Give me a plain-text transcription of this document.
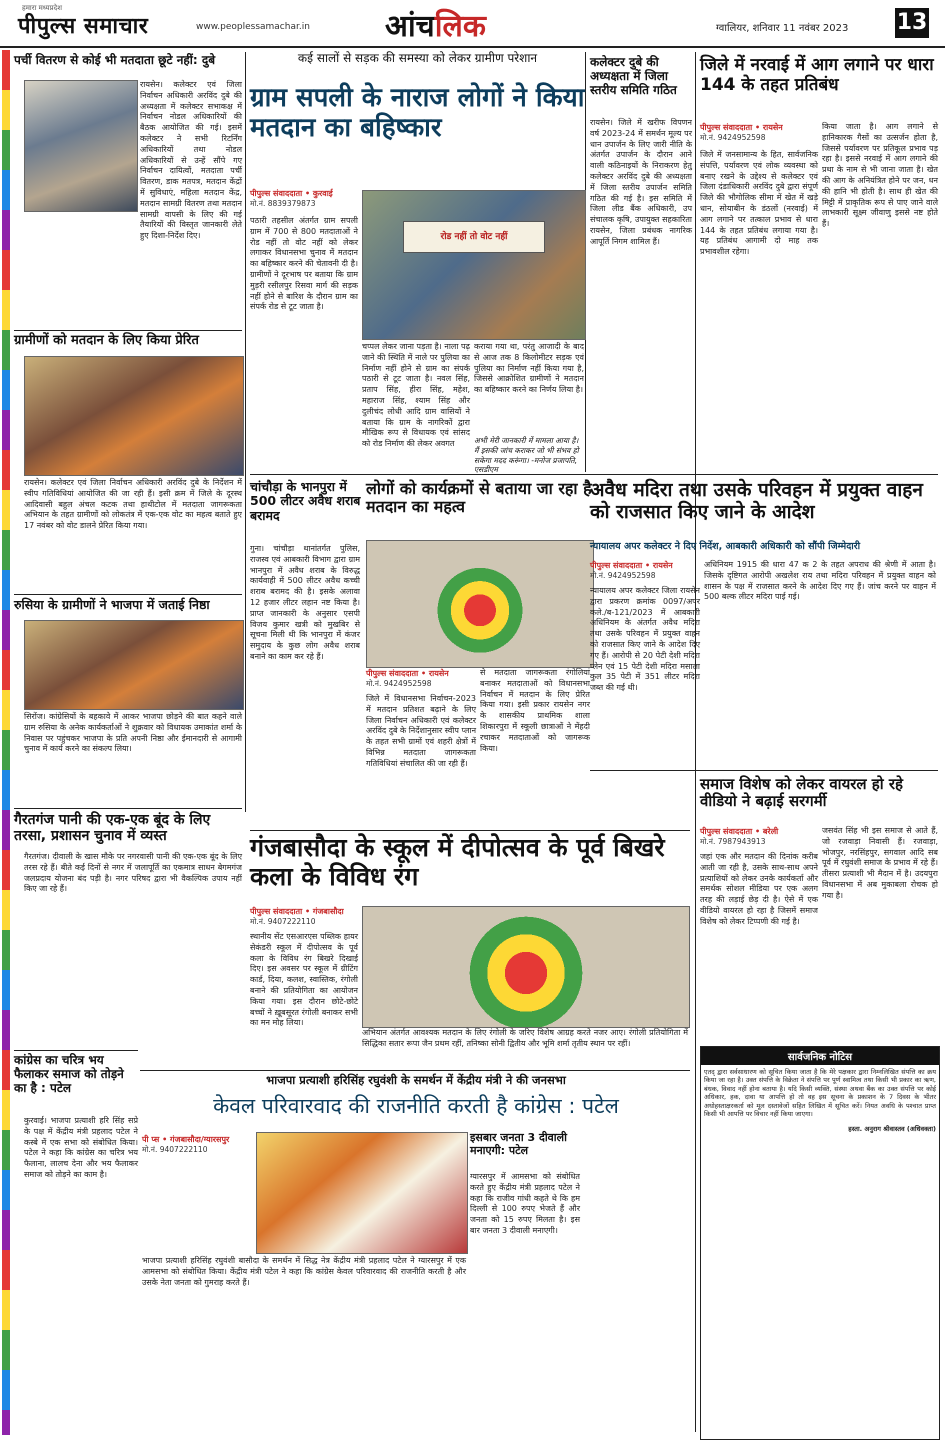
हमारा मध्यप्रदेश
पीपुल्स समाचार	www.peoplessamachar.in	आंचलिक	ग्वालियर, शनिवार 11 नवंबर 2023 13
पर्ची वितरण से कोई भी मतदाता छूटे नहीं: दुबे
रायसेन। कलेक्टर एवं जिला निर्वाचन अधिकारी अरविंद दुबे की अध्यक्षता में कलेक्टर सभाकक्ष में निर्वाचन नोडल अधिकारियों की बैठक आयोजित की गई। इसमें कलेक्टर ने सभी रिटर्निंग अधिकारियों तथा नोडल अधिकारियों से उन्हें सौंपे गए निर्वाचन दायित्वों, मतदाता पर्ची वितरण, डाक मतपत्र, मतदान केंद्रों में सुविधाएं, महिला मतदान केंद्र, मतदान सामग्री वितरण तथा मतदान सामग्री वापसी के लिए की गई तैयारियों की विस्तृत जानकारी लेते हुए दिशा-निर्देश दिए।
ग्रामीणों को मतदान के लिए किया प्रेरित
रायसेन। कलेक्टर एवं जिला निर्वाचन अधिकारी अरविंद दुबे के निर्देशन में स्वीप गतिविधियां आयोजित की जा रही हैं। इसी क्रम में जिले के दूरस्थ आदिवासी बहुल अंचल कटक तथा हाथीटोल में मतदाता जागरूकता अभियान के तहत ग्रामीणों को लोकतंत्र में एक-एक वोट का महत्व बताते हुए 17 नवंबर को वोट डालने प्रेरित किया गया।
रुसिया के ग्रामीणों ने भाजपा में जताई निष्ठा
सिरोंज। कांग्रेसियों के बहकावे में आकर भाजपा छोड़ने की बात कहने वाले ग्राम रुसिया के अनेक कार्यकर्ताओं ने शुक्रवार को विधायक उमाकांत शर्मा के निवास पर पहुंचकर भाजपा के प्रति अपनी निष्ठा और ईमानदारी से आगामी चुनाव में कार्य करने का संकल्प लिया।
गैरतगंज पानी की एक-एक बूंद के लिए तरसा, प्रशासन चुनाव में व्यस्त
गैरतगंज। दीवाली के खास मौके पर नगरवासी पानी की एक-एक बूंद के लिए तरस रहे हैं। बीते कई दिनों से नगर में जलापूर्ति का एकमात्र साधन बेगमगंज जलप्रदाय योजना बंद पड़ी है। नगर परिषद द्वारा भी वैकल्पिक उपाय नहीं किए जा रहे हैं।
कांग्रेस का चरित्र भय फैलाकर समाज को तोड़ने का है : पटेल
कुरवाई। भाजपा प्रत्याशी हरि सिंह सप्रे के पक्ष में केंद्रीय मंत्री प्रहलाद पटेल ने कस्बे में एक सभा को संबोधित किया। पटेल ने कहा कि कांग्रेस का चरित्र भय फैलाना, लालच देना और भय फैलाकर समाज को तोड़ने का काम है।
कई सालों से सड़क की समस्या को लेकर ग्रामीण परेशान
ग्राम सपली के नाराज लोगों ने किया मतदान का बहिष्कार
पीपुल्स संवाददाता • कुरवाई
मो.नं. 8839379873
पठारी तहसील अंतर्गत ग्राम सपली ग्राम में 700 से 800 मतदाताओं ने रोड नहीं तो वोट नहीं को लेकर लगाकर विधानसभा चुनाव में मतदान का बहिष्कार करने की चेतावनी दी है। ग्रामीणों ने दूरभाष पर बताया कि ग्राम मुड़री रसीलपुर रिसवा मार्ग की सड़क नहीं होने से बारिश के दौरान ग्राम का संपर्क रोड से टूट जाता है।
रोड नहीं तो वोट नहीं
चप्पल लेकर जाना पड़ता है। नाला पढ़ जाने की स्थिति में नाले पर पुलिया का निर्माण नहीं होने से ग्राम का संपर्क पठारी से टूट जाता है। नवल सिंह, प्रताप सिंह, हीरा सिंह, महेश, महाराज सिंह, श्याम सिंह और दुलीचंद लोधी आदि ग्राम वासियों ने बताया कि ग्राम के नागरिकों द्वारा मौखिक रूप से विधायक एवं सांसद को रोड निर्माण की लेकर अवगत
कराया गया था, परंतु आजादी के बाद से आज तक 8 किलोमीटर सड़क एवं पुलिया का निर्माण नहीं किया गया है, जिससे आक्रोशित ग्रामीणों ने मतदान का बहिष्कार करने का निर्णय लिया है।
अभी मेरी जानकारी में मामला आया है। मैं इसकी जांच कराकर जो भी संभव हो सकेगा मदद करूंगा। -मनोज प्रजापति, एसडीएम
चांचौड़ा के भानपुरा में 500 लीटर अवैध शराब बरामद
गुना। चांचौड़ा थानांतर्गत पुलिस, राजस्व एवं आबकारी विभाग द्वारा ग्राम भानपुरा में अवैध शराब के विरुद्ध कार्यवाही में 500 लीटर अवैध कच्ची शराब बरामद की है। इसके अलावा 12 हजार लीटर लहान नष्ट किया है। प्राप्त जानकारी के अनुसार एसपी विजय कुमार खत्री को मुखबिर से सूचना मिली थी कि भानपुरा में कंजर समुदाय के कुछ लोग अवैध शराब बनाने का काम कर रहे हैं।
लोगों को कार्यक्रमों से बताया जा रहा है मतदान का महत्व
पीपुल्स संवाददाता • रायसेन
मो.नं. 9424952598
जिले में विधानसभा निर्वाचन-2023 में मतदान प्रतिशत बढ़ाने के लिए जिला निर्वाचन अधिकारी एवं कलेक्टर अरविंद दुबे के निर्देशानुसार स्वीप प्लान के तहत सभी ग्रामों एवं शहरी क्षेत्रों में विभिन्न मतदाता जागरूकता गतिविधियां संचालित की जा रही हैं।
से मतदाता जागरूकता रंगोलियां बनाकर मतदाताओं को विधानसभा निर्वाचन में मतदान के लिए प्रेरित किया गया। इसी प्रकार रायसेन नगर के शासकीय प्राथमिक शाला शिकारपुरा में स्कूली छात्राओं ने मेंहदी रचाकर मतदाताओं को जागरूक किया।
गंजबासौदा के स्कूल में दीपोत्सव के पूर्व बिखरे कला के विविध रंग
पीपुल्स संवाददाता • गंजबासौदा
मो.नं. 9407222110
स्थानीय सेंट एसआरएस पब्लिक हायर सेकंडरी स्कूल में दीपोत्सव के पूर्व कला के विविध रंग बिखरे दिखाई दिए। इस अवसर पर स्कूल में ग्रीटिंग कार्ड, दिया, कलश, स्वास्तिक, रंगोली बनाने की प्रतियोगिता का आयोजन किया गया। इस दौरान छोटे-छोटे बच्चों ने ख़ूबसूरत रंगोली बनाकर सभी का मन मोह लिया।
अभियान अंतर्गत आवश्यक मतदान के लिए रंगोली के जरिए विशेष आग्रह करते नजर आए। रंगोली प्रतियोगिता में सिद्धिका सतार रूपा जैन प्रथम रहीं, तनिष्का सोनी द्वितीय और भूमि शर्मा तृतीय स्थान पर रहीं।
भाजपा प्रत्याशी हरिसिंह रघुवंशी के समर्थन में केंद्रीय मंत्री ने की जनसभा
केवल परिवारवाद की राजनीति करती है कांग्रेस : पटेल
पी प्स • गंजबासौदा/ग्यारसपुर
मो.नं. 9407222110
भाजपा प्रत्याशी हरिसिंह रघुवंशी बासौदा के समर्थन में सिद्ध नेत्र केंद्रीय मंत्री प्रहलाद पटेल ने ग्यारसपुर में एक आमसभा को संबोधित किया। केंद्रीय मंत्री पटेल ने कहा कि कांग्रेस केवल परिवारवाद की राजनीति करती है और उसके नेता जनता को गुमराह करते हैं।
इसबार जनता 3 दीवाली मनाएगी: पटेल
ग्यारसपुर में आमसभा को संबोधित करते हुए केंद्रीय मंत्री प्रहलाद पटेल ने कहा कि राजीव गांधी कहते थे कि हम दिल्ली से 100 रुपए भेजते हैं और जनता को 15 रुपए मिलता है। इस बार जनता 3 दीवाली मनाएगी।
कलेक्टर दुबे की अध्यक्षता में जिला स्तरीय समिति गठित
रायसेन। जिले में खरीफ विपणन वर्ष 2023-24 में समर्थन मूल्य पर धान उपार्जन के लिए जारी नीति के अंतर्गत उपार्जन के दौरान आने वाली कठिनाइयों के निराकरण हेतु कलेक्टर अरविंद दुबे की अध्यक्षता में जिला स्तरीय उपार्जन समिति गठित की गई है। इस समिति में जिला लीड बैंक अधिकारी, उप संचालक कृषि, उपायुक्त सहकारिता रायसेन, जिला प्रबंधक नागरिक आपूर्ति निगम शामिल हैं।
जिले में नरवाई में आग लगाने पर धारा 144 के तहत प्रतिबंध
पीपुल्स संवाददाता • रायसेन
मो.नं. 9424952598
जिले में जनसामान्य के हित, सार्वजनिक संपत्ति, पर्यावरण एवं लोक व्यवस्था को बनाए रखने के उद्देश्य से कलेक्टर एवं जिला दंडाधिकारी अरविंद दुबे द्वारा संपूर्ण जिले की भौगोलिक सीमा में खेत में खड़े धान, सोयाबीन के डंठलों (नरवाई) में आग लगाने पर तत्काल प्रभाव से धारा 144 के तहत प्रतिबंध लगाया गया है। यह प्रतिबंध आगामी दो माह तक प्रभावशील रहेगा।
किया जाता है। आग लगाने से हानिकारक गैसों का उत्सर्जन होता है, जिससे पर्यावरण पर प्रतिकूल प्रभाव पड़ रहा है। इससे नरवाई में आग लगाने की प्रथा के नाम से भी जाना जाता है। खेत की आग के अनियंत्रित होने पर जन, धन की हानि भी होती है। साथ ही खेत की मिट्टी में प्राकृतिक रूप से पाए जाने वाले लाभकारी सूक्ष्म जीवाणु इससे नष्ट होते हैं।
अवैध मदिरा तथा उसके परिवहन में प्रयुक्त वाहन को राजसात किए जाने के आदेश
न्यायालय अपर कलेक्टर ने दिए निर्देश, आबकारी अधिकारी को सौंपी जिम्मेदारी
पीपुल्स संवाददाता • रायसेन
मो.नं. 9424952598
न्यायालय अपर कलेक्टर जिला रायसेन द्वारा प्रकरण क्रमांक 0097/अपर कले./ब-121/2023 में आबकारी अधिनियम के अंतर्गत अवैध मदिरा तथा उसके परिवहन में प्रयुक्त वाहन को राजसात किए जाने के आदेश दिए गए हैं। आरोपी से 20 पेटी देशी मदिरा प्लेन एवं 15 पेटी देशी मदिरा मसाला कुल 35 पेटी में 351 लीटर मदिरा जब्त की गई थी।
अधिनियम 1915 की धारा 47 क 2 के तहत अपराध की श्रेणी में आता है। जिसके दृष्टिगत आरोपी अखलेश राय तथा मदिरा परिवहन में प्रयुक्त वाहन को शासन के पक्ष में राजसात करने के आदेश दिए गए हैं। जांच करने पर वाहन में 500 बल्क लीटर मदिरा पाई गई।
समाज विशेष को लेकर वायरल हो रहे वीडियो ने बढ़ाई सरगर्मी
पीपुल्स संवाददाता • बरेली
मो.नं. 7987943913
जहां एक और मतदान की दिनांक करीब आती जा रही है, उसके साथ-साथ अपने प्रत्याशियों को लेकर उनके कार्यकर्ता और समर्थक सोशल मीडिया पर एक अलग तरह की लड़ाई छेड़ दी है। ऐसे में एक वीडियो वायरल हो रहा है जिसमें समाज विशेष को लेकर टिप्पणी की गई है।
जसवंत सिंह भी इस समाज से आते हैं, जो रजवाड़ा निवासी हैं। रजवाड़ा, भोजपुर, नरसिंहपुर, सगवाल आदि सब पूर्व में रघुवंशी समाज के प्रभाव में रहे हैं। तीसरा प्रत्याशी भी मैदान में है। उदयपुरा विधानसभा में अब मुकाबला रोचक हो गया है।
सार्वजनिक नोटिस
एतद् द्वारा सर्वसाधारण को सूचित किया जाता है कि मेरे पक्षकार द्वारा निम्नलिखित संपत्ति का क्रय किया जा रहा है। उक्त संपत्ति के विक्रेता ने संपत्ति पर पूर्ण स्वामित्व तथा किसी भी प्रकार का ऋण, बंधक, विवाद नहीं होना बताया है। यदि किसी व्यक्ति, संस्था अथवा बैंक का उक्त संपत्ति पर कोई अधिकार, हक, दावा या आपत्ति हो तो वह इस सूचना के प्रकाशन के 7 दिवस के भीतर अधोहस्ताक्षरकर्ता को मूल दस्तावेजों सहित लिखित में सूचित करें। नियत अवधि के पश्चात प्राप्त किसी भी आपत्ति पर विचार नहीं किया जाएगा।
हस्ता. अनुराग श्रीवास्तव (अधिवक्ता)
